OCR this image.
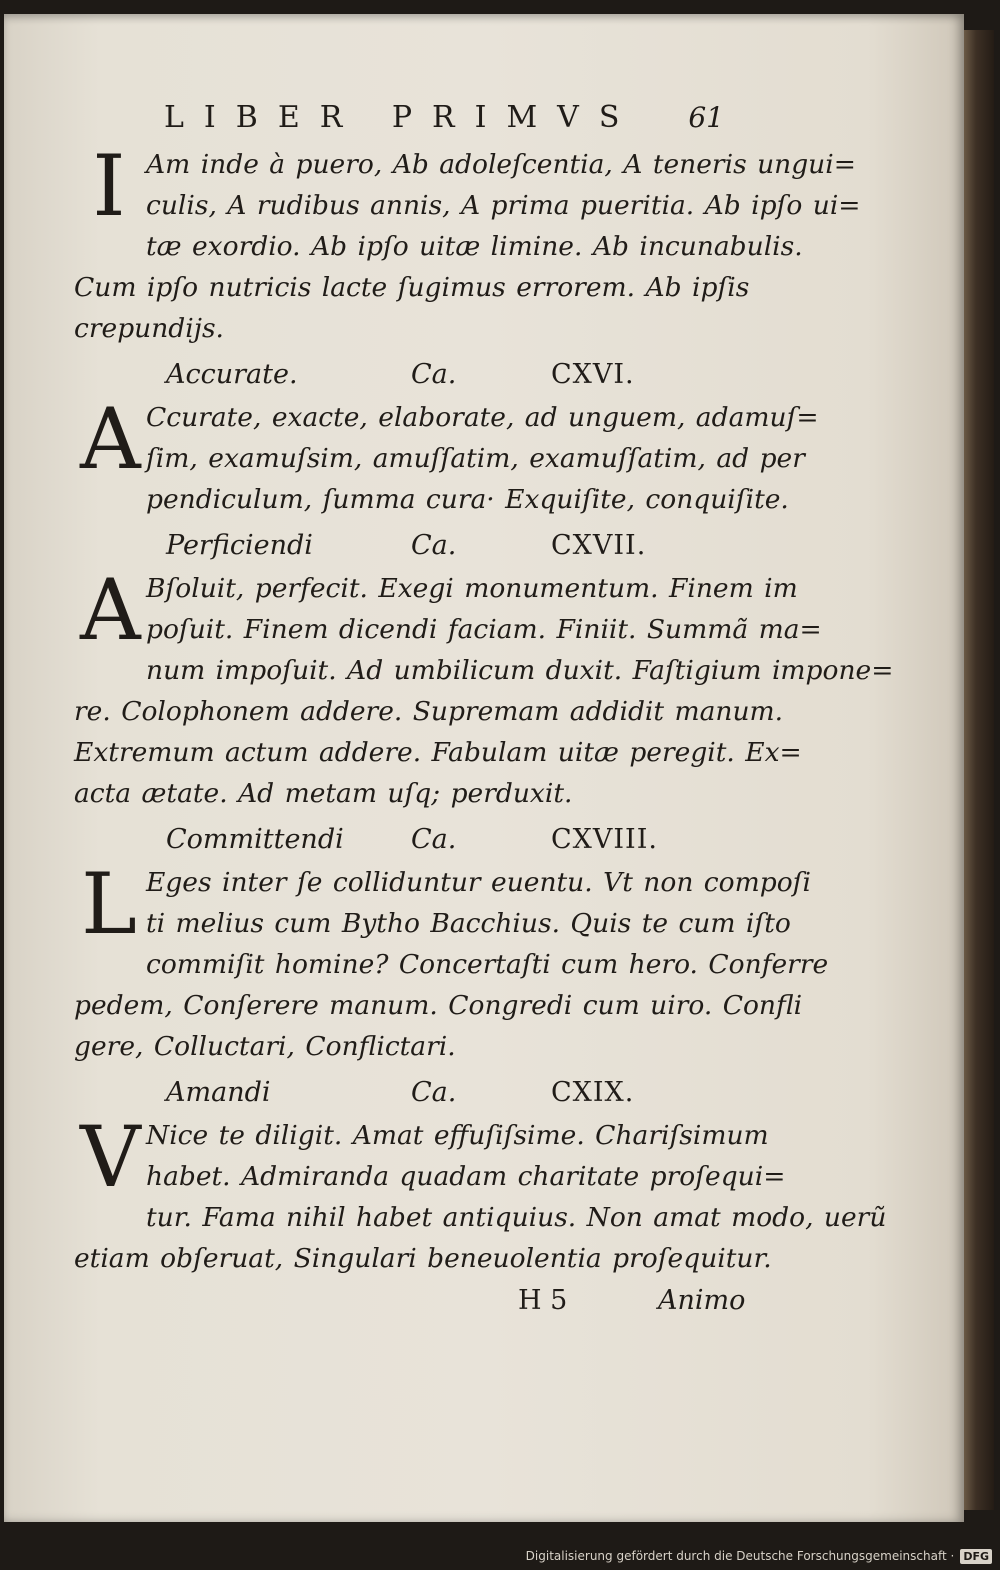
LIBER PRIMVS 61
I Am inde à puero, Ab adoleſcentia, A teneris ungui=
culis, A rudibus annis, A prima pueritia. Ab ipſo ui=
tæ exordio. Ab ipſo uitæ limine. Ab incunabulis.
Cum ipſo nutricis lacte ſugimus errorem. Ab ipſis
crepundijs.
Accurate.	Ca.	CXVI.
A Ccurate, exacte, elaborate, ad unguem, adamuſ=
ſim, examuſsim, amuſſatim, examuſſatim, ad per
pendiculum, ſumma cura· Exquiſite, conquiſite.
Perficiendi	Ca.	CXVII.
A Bſoluit, perfecit. Exegi monumentum. Finem im
poſuit. Finem dicendi faciam. Finiit. Summã ma=
num impoſuit. Ad umbilicum duxit. Faſtigium impone=
re. Colophonem addere. Supremam addidit manum.
Extremum actum addere. Fabulam uitæ peregit. Ex=
acta ætate. Ad metam uſq; perduxit.
Committendi	Ca.	CXVIII.
L Eges inter ſe colliduntur euentu. Vt non compoſi
ti melius cum Bytho Bacchius. Quis te cum iſto
commiſit homine? Concertaſti cum hero. Conferre
pedem, Conſerere manum. Congredi cum uiro. Confli
gere, Colluctari, Conflictari.
Amandi	Ca.	CXIX.
V Nice te diligit. Amat effuſiſsime. Chariſsimum
habet. Admiranda quadam charitate proſequi=
tur. Fama nihil habet antiquius. Non amat modo, uerũ
etiam obſeruat, Singulari beneuolentia proſequitur.
H 5	Animo
Digitalisierung gefördert durch die Deutsche Forschungsgemeinschaft · DFG
